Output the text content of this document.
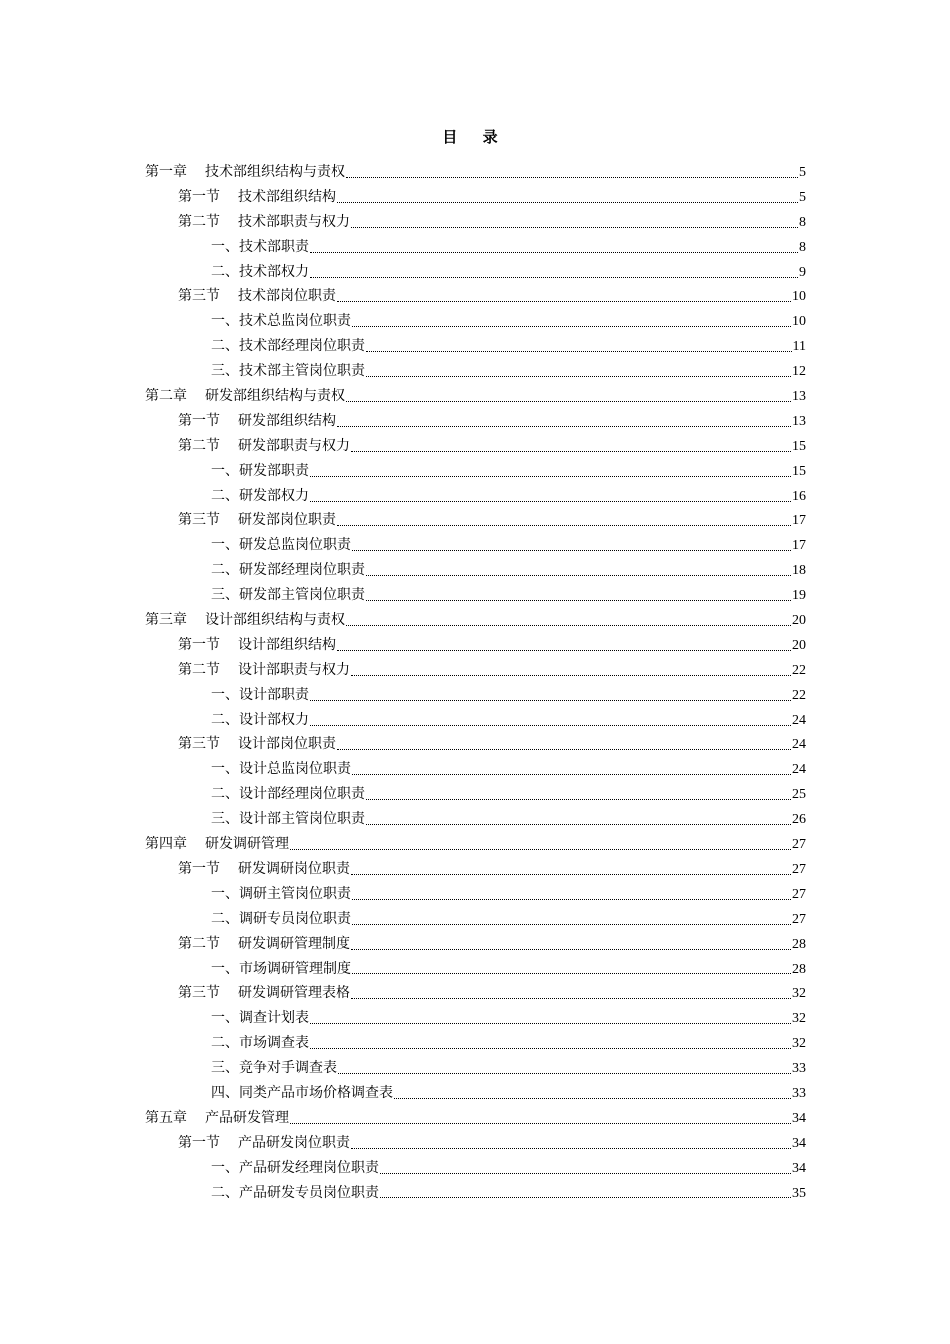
目 录
第一章 技术部组织结构与责权	5
第一节 技术部组织结构	5
第二节 技术部职责与权力	8
一、技术部职责	8
二、技术部权力	9
第三节 技术部岗位职责	10
一、技术总监岗位职责	10
二、技术部经理岗位职责	11
三、技术部主管岗位职责	12
第二章 研发部组织结构与责权	13
第一节 研发部组织结构	13
第二节 研发部职责与权力	15
一、研发部职责	15
二、研发部权力	16
第三节 研发部岗位职责	17
一、研发总监岗位职责	17
二、研发部经理岗位职责	18
三、研发部主管岗位职责	19
第三章 设计部组织结构与责权	20
第一节 设计部组织结构	20
第二节 设计部职责与权力	22
一、设计部职责	22
二、设计部权力	24
第三节 设计部岗位职责	24
一、设计总监岗位职责	24
二、设计部经理岗位职责	25
三、设计部主管岗位职责	26
第四章 研发调研管理	27
第一节 研发调研岗位职责	27
一、调研主管岗位职责	27
二、调研专员岗位职责	27
第二节 研发调研管理制度	28
一、市场调研管理制度	28
第三节 研发调研管理表格	32
一、调查计划表	32
二、市场调查表	32
三、竞争对手调查表	33
四、同类产品市场价格调查表	33
第五章 产品研发管理	34
第一节 产品研发岗位职责	34
一、产品研发经理岗位职责	34
二、产品研发专员岗位职责	35
